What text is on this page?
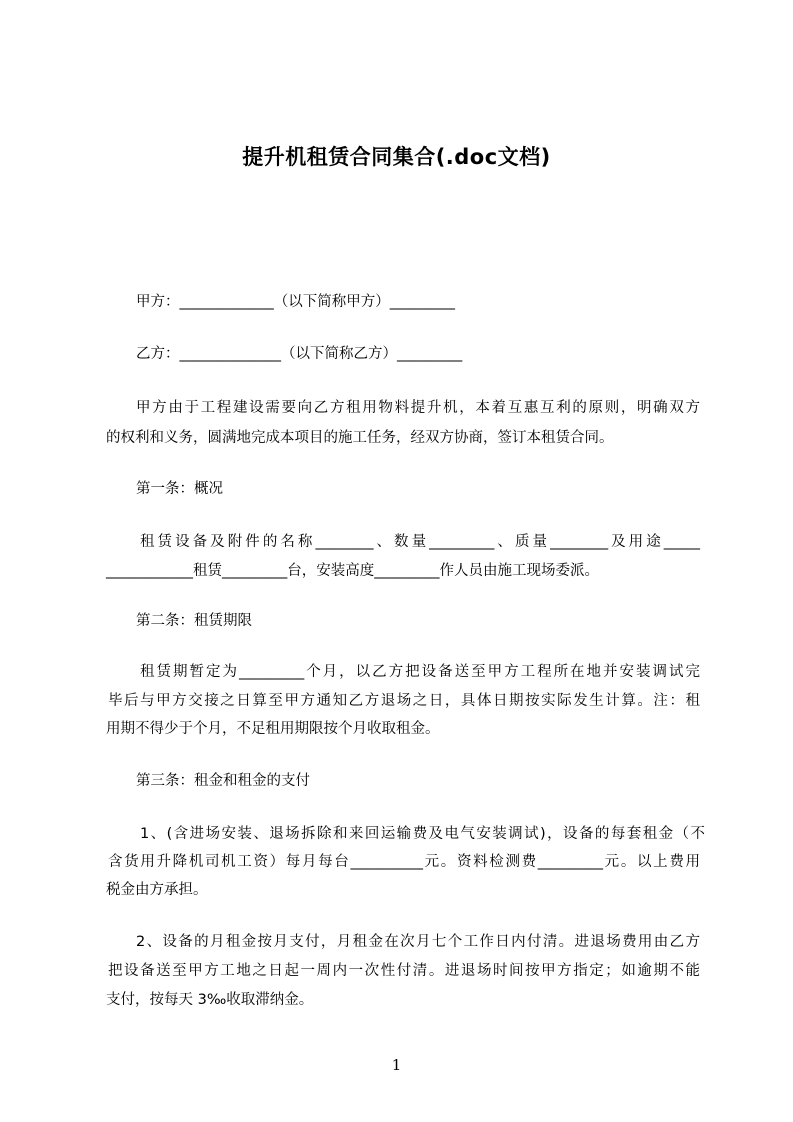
提升机租赁合同集合(.doc文档)
甲方：_____________（以下简称甲方）_________
乙方：______________（以下简称乙方）_________
甲方由于工程建设需要向乙方租用物料提升机，本着互惠互利的原则，明确双方
的权利和义务，圆满地完成本项目的施工任务，经双方协商，签订本租赁合同。
第一条：概况
租赁设备及附件的名称________、数量_________、质量________及用途_____
____________租赁_________台，安装高度_________作人员由施工现场委派。
第二条：租赁期限
租赁期暂定为_________个月，以乙方把设备送至甲方工程所在地并安装调试完
毕后与甲方交接之日算至甲方通知乙方退场之日，具体日期按实际发生计算。注：租
用期不得少于个月，不足租用期限按个月收取租金。
第三条：租金和租金的支付
1、(含进场安装、退场拆除和来回运输费及电气安装调试)，设备的每套租金（不
含货用升降机司机工资）每月每台__________元。资料检测费_________元。以上费用
税金由方承担。
2、设备的月租金按月支付，月租金在次月七个工作日内付清。进退场费用由乙方
把设备送至甲方工地之日起一周内一次性付清。进退场时间按甲方指定；如逾期不能
支付，按每天 3‰收取滞纳金。
1
